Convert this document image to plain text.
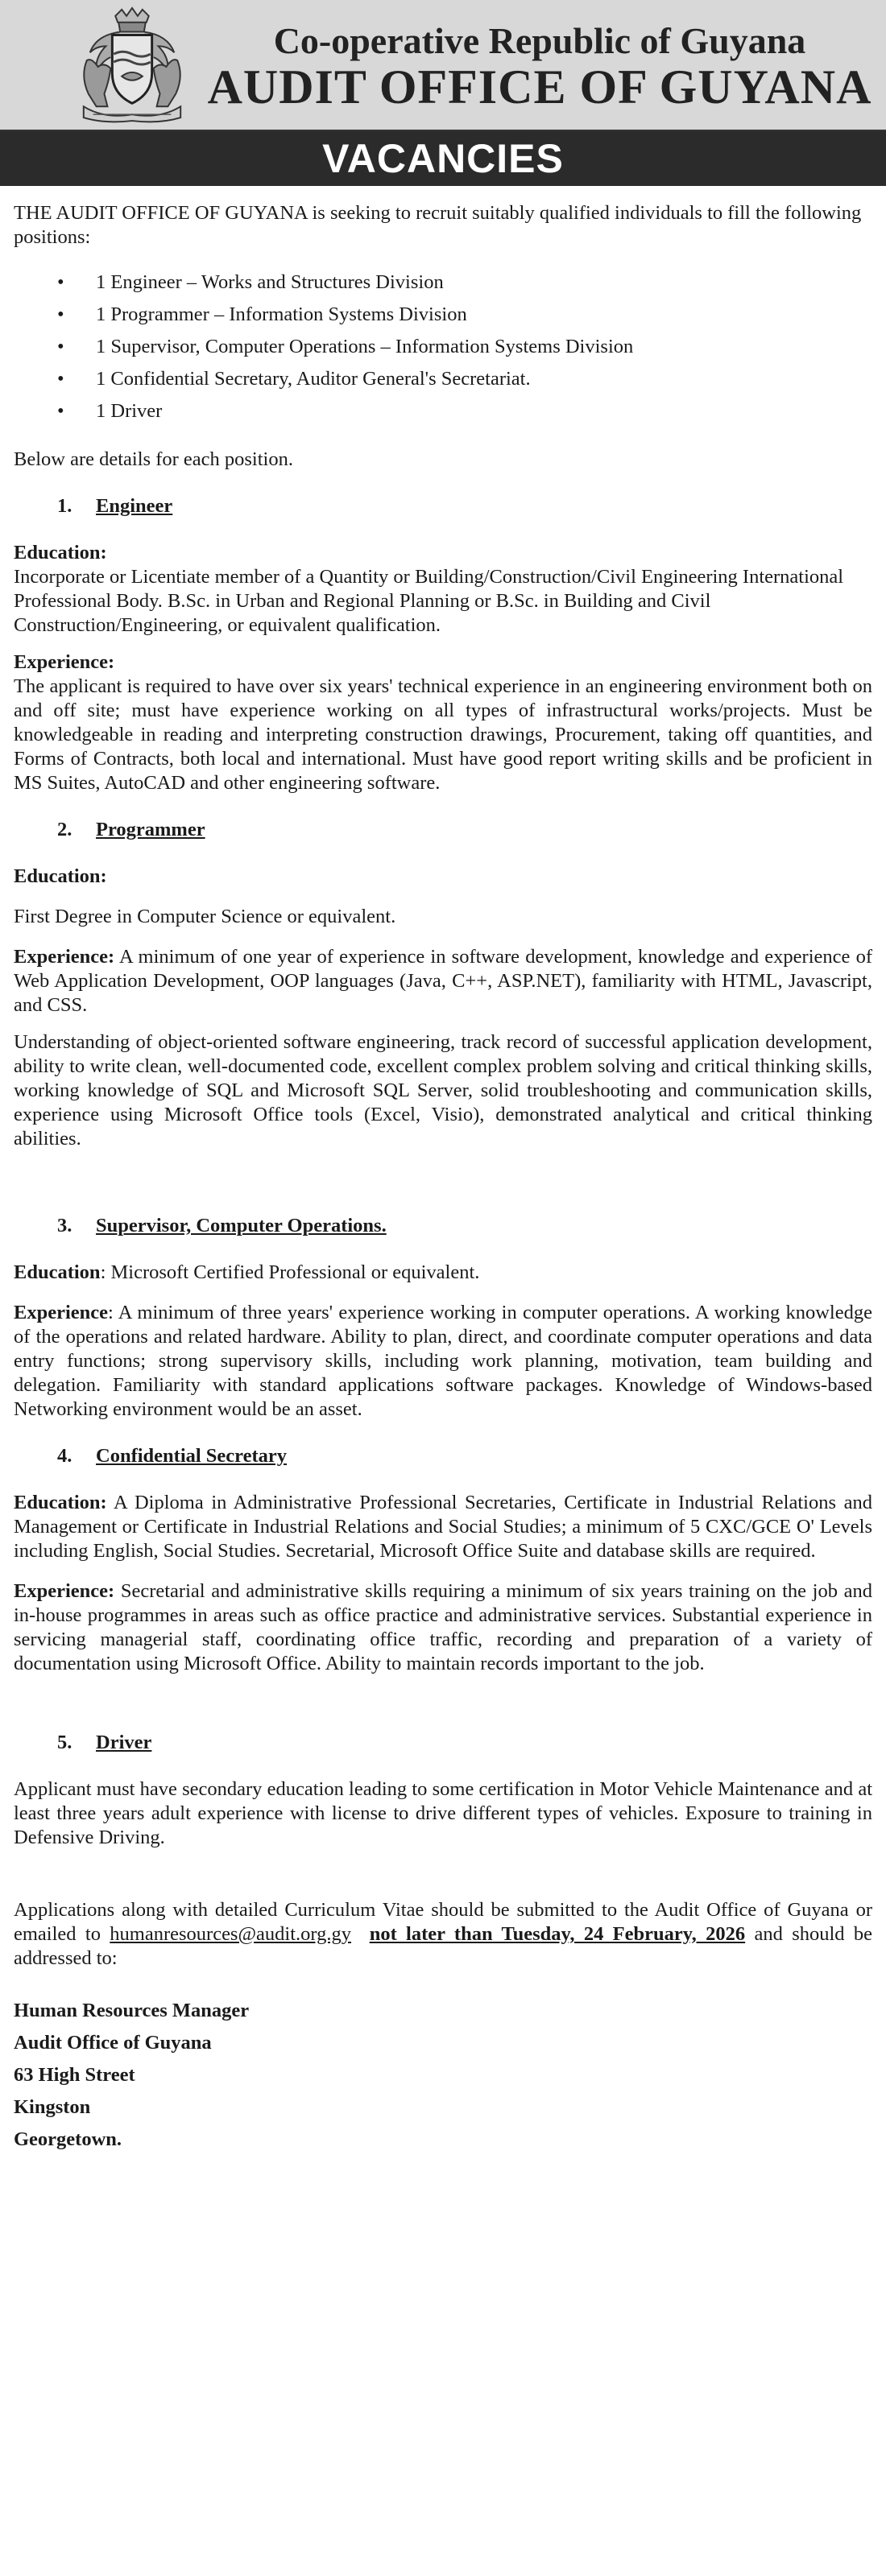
Co-operative Republic of Guyana
AUDIT OFFICE OF GUYANA
VACANCIES

THE AUDIT OFFICE OF GUYANA is seeking to recruit suitably qualified individuals to fill the following positions:

• 1 Engineer – Works and Structures Division
• 1 Programmer – Information Systems Division
• 1 Supervisor, Computer Operations – Information Systems Division
• 1 Confidential Secretary, Auditor General's Secretariat.
• 1 Driver

Below are details for each position.

1. Engineer

Education:

Incorporate or Licentiate member of a Quantity or Building/Construction/Civil Engineering International Professional Body. B.Sc. in Urban and Regional Planning or B.Sc. in Building and Civil Construction/Engineering, or equivalent qualification.

Experience:

The applicant is required to have over six years' technical experience in an engineering environment both on and off site; must have experience working on all types of infrastructural works/projects. Must be knowledgeable in reading and interpreting construction drawings, Procurement, taking off quantities, and Forms of Contracts, both local and international. Must have good report writing skills and be proficient in MS Suites, AutoCAD and other engineering software.

2. Programmer

Education:

First Degree in Computer Science or equivalent.

Experience: A minimum of one year of experience in software development, knowledge and experience of Web Application Development, OOP languages (Java, C++, ASP.NET), familiarity with HTML, Javascript, and CSS.

Understanding of object-oriented software engineering, track record of successful application development, ability to write clean, well-documented code, excellent complex problem solving and critical thinking skills, working knowledge of SQL and Microsoft SQL Server, solid troubleshooting and communication skills, experience using Microsoft Office tools (Excel, Visio), demonstrated analytical and critical thinking abilities.

3. Supervisor, Computer Operations.

Education: Microsoft Certified Professional or equivalent.

Experience: A minimum of three years' experience working in computer operations. A working knowledge of the operations and related hardware. Ability to plan, direct, and coordinate computer operations and data entry functions; strong supervisory skills, including work planning, motivation, team building and delegation. Familiarity with standard applications software packages. Knowledge of Windows-based Networking environment would be an asset.

4. Confidential Secretary

Education: A Diploma in Administrative Professional Secretaries, Certificate in Industrial Relations and Management or Certificate in Industrial Relations and Social Studies; a minimum of 5 CXC/GCE O' Levels including English, Social Studies. Secretarial, Microsoft Office Suite and database skills are required.

Experience: Secretarial and administrative skills requiring a minimum of six years training on the job and in-house programmes in areas such as office practice and administrative services. Substantial experience in servicing managerial staff, coordinating office traffic, recording and preparation of a variety of documentation using Microsoft Office. Ability to maintain records important to the job.

5. Driver

Applicant must have secondary education leading to some certification in Motor Vehicle Maintenance and at least three years adult experience with license to drive different types of vehicles. Exposure to training in Defensive Driving.

Applications along with detailed Curriculum Vitae should be submitted to the Audit Office of Guyana or emailed to humanresources@audit.org.gy not later than Tuesday, 24 February, 2026 and should be addressed to:

Human Resources Manager

Audit Office of Guyana

63 High Street

Kingston

Georgetown.
